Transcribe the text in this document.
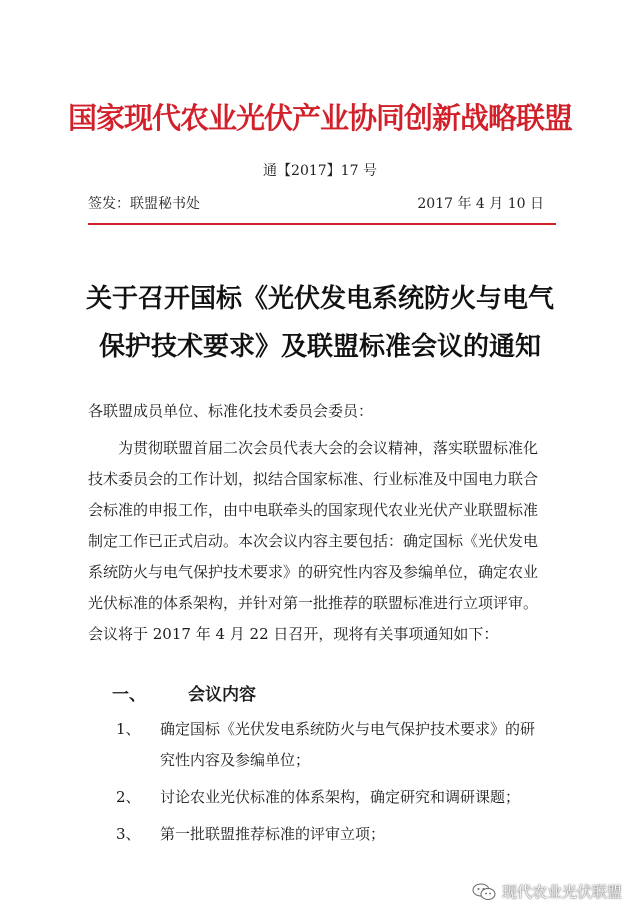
国家现代农业光伏产业协同创新战略联盟
通【2017】17 号
签发：联盟秘书处	2017 年 4 月 10 日
关于召开国标《光伏发电系统防火与电气
保护技术要求》及联盟标准会议的通知
各联盟成员单位、标准化技术委员会委员：
　　为贯彻联盟首届二次会员代表大会的会议精神，落实联盟标准化
技术委员会的工作计划，拟结合国家标准、行业标准及中国电力联合
会标准的申报工作，由中电联牵头的国家现代农业光伏产业联盟标准
制定工作已正式启动。本次会议内容主要包括：确定国标《光伏发电
系统防火与电气保护技术要求》的研究性内容及参编单位，确定农业
光伏标准的体系架构，并针对第一批推荐的联盟标准进行立项评审。
会议将于 2017 年 4 月 22 日召开，现将有关事项通知如下：
一、 会议内容
1、 确定国标《光伏发电系统防火与电气保护技术要求》的研
究性内容及参编单位；
2、 讨论农业光伏标准的体系架构，确定研究和调研课题；
3、 第一批联盟推荐标准的评审立项；
现代农业光伏联盟
